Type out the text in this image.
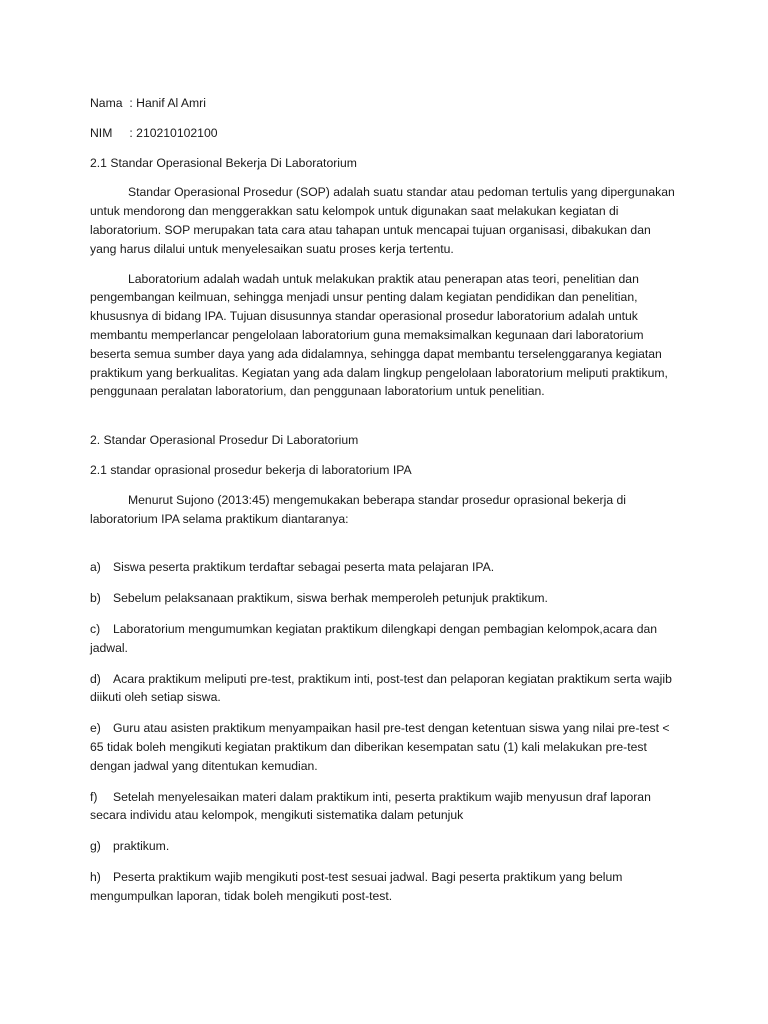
Nama : Hanif Al Amri
NIM : 210210102100
2.1 Standar Operasional Bekerja Di Laboratorium

Standar Operasional Prosedur (SOP) adalah suatu standar atau pedoman tertulis yang dipergunakan untuk mendorong dan menggerakkan satu kelompok untuk digunakan saat melakukan kegiatan di laboratorium. SOP merupakan tata cara atau tahapan untuk mencapai tujuan organisasi, dibakukan dan yang harus dilalui untuk menyelesaikan suatu proses kerja tertentu.

Laboratorium adalah wadah untuk melakukan praktik atau penerapan atas teori, penelitian dan pengembangan keilmuan, sehingga menjadi unsur penting dalam kegiatan pendidikan dan penelitian, khususnya di bidang IPA. Tujuan disusunnya standar operasional prosedur laboratorium adalah untuk membantu memperlancar pengelolaan laboratorium guna memaksimalkan kegunaan dari laboratorium beserta semua sumber daya yang ada didalamnya, sehingga dapat membantu terselenggaranya kegiatan praktikum yang berkualitas. Kegiatan yang ada dalam lingkup pengelolaan laboratorium meliputi praktikum, penggunaan peralatan laboratorium, dan penggunaan laboratorium untuk penelitian.

2. Standar Operasional Prosedur Di Laboratorium
2.1 standar oprasional prosedur bekerja di laboratorium IPA

Menurut Sujono (2013:45) mengemukakan beberapa standar prosedur oprasional bekerja di laboratorium IPA selama praktikum diantaranya:

a) Siswa peserta praktikum terdaftar sebagai peserta mata pelajaran IPA.

b) Sebelum pelaksanaan praktikum, siswa berhak memperoleh petunjuk praktikum.

c) Laboratorium mengumumkan kegiatan praktikum dilengkapi dengan pembagian kelompok,acara dan jadwal.

d) Acara praktikum meliputi pre-test, praktikum inti, post-test dan pelaporan kegiatan praktikum serta wajib diikuti oleh setiap siswa.

e) Guru atau asisten praktikum menyampaikan hasil pre-test dengan ketentuan siswa yang nilai pre-test < 65 tidak boleh mengikuti kegiatan praktikum dan diberikan kesempatan satu (1) kali melakukan pre-test dengan jadwal yang ditentukan kemudian.

f) Setelah menyelesaikan materi dalam praktikum inti, peserta praktikum wajib menyusun draf laporan secara individu atau kelompok, mengikuti sistematika dalam petunjuk

g) praktikum.

h) Peserta praktikum wajib mengikuti post-test sesuai jadwal. Bagi peserta praktikum yang belum mengumpulkan laporan, tidak boleh mengikuti post-test.
